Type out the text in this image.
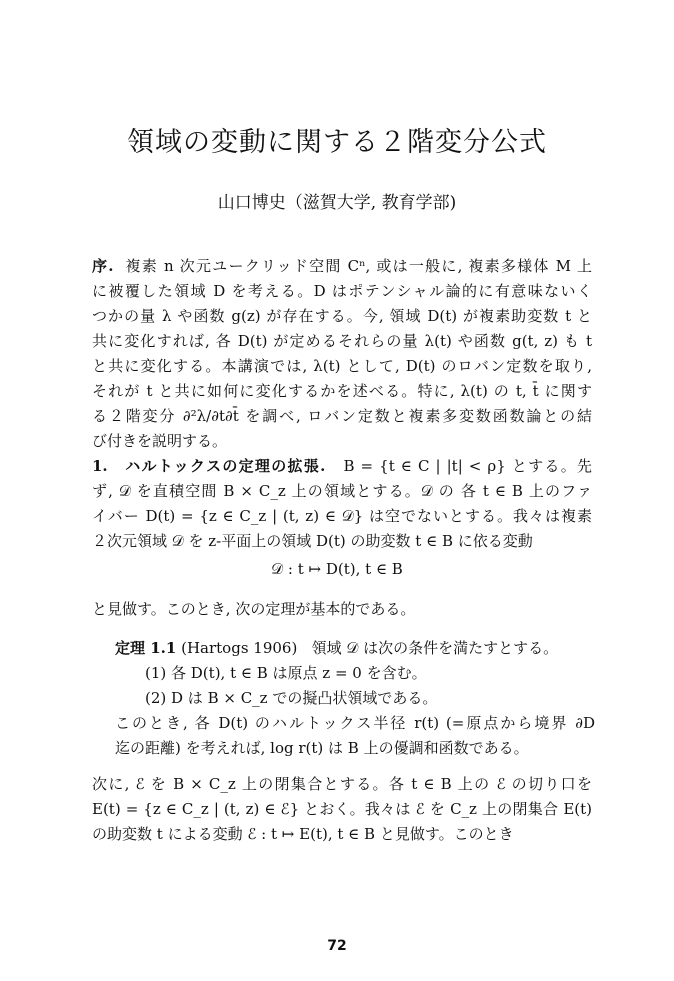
領域の変動に関する２階変分公式
山口博史（滋賀大学, 教育学部)
序. 複素 n 次元ユークリッド空間 Cⁿ, 或は一般に, 複素多様体 M 上
に被覆した領域 D を考える。D はポテンシャル論的に有意味ないく
つかの量 λ や函数 g(z) が存在する。今, 領域 D(t) が複素助変数 t と
共に変化すれば, 各 D(t) が定めるそれらの量 λ(t) や函数 g(t, z) も t
と共に変化する。本講演では, λ(t) として, D(t) のロバン定数を取り,
それが t と共に如何に変化するかを述べる。特に, λ(t) の t, t̄ に関す
る２階変分 ∂²λ/∂t∂t̄ を調べ, ロバン定数と複素多変数函数論との結
び付きを説明する。
1.　ハルトックスの定理の拡張. B = {t ∈ C | |t| < ρ} とする。先
ず, 𝒟 を直積空間 B × C_z 上の領域とする。𝒟 の 各 t ∈ B 上のファ
イバー D(t) = {z ∈ C_z | (t, z) ∈ 𝒟} は空でないとする。我々は複素
２次元領域 𝒟 を z-平面上の領域 D(t) の助変数 t ∈ B に依る変動
𝒟 : t ↦ D(t), t ∈ B
と見做す。このとき, 次の定理が基本的である。
定理 1.1 (Hartogs 1906) 領域 𝒟 は次の条件を満たすとする。
(1) 各 D(t), t ∈ B は原点 z = 0 を含む。
(2) D は B × C_z での擬凸状領域である。
このとき, 各 D(t) のハルトックス半径 r(t) (=原点から境界 ∂D
迄の距離) を考えれば, log r(t) は B 上の優調和函数である。
次に, ℰ を B × C_z 上の閉集合とする。各 t ∈ B 上の ℰ の切り口を
E(t) = {z ∈ C_z | (t, z) ∈ ℰ} とおく。我々は ℰ を C_z 上の閉集合 E(t)
の助変数 t による変動 ℰ : t ↦ E(t), t ∈ B と見做す。このとき
72
